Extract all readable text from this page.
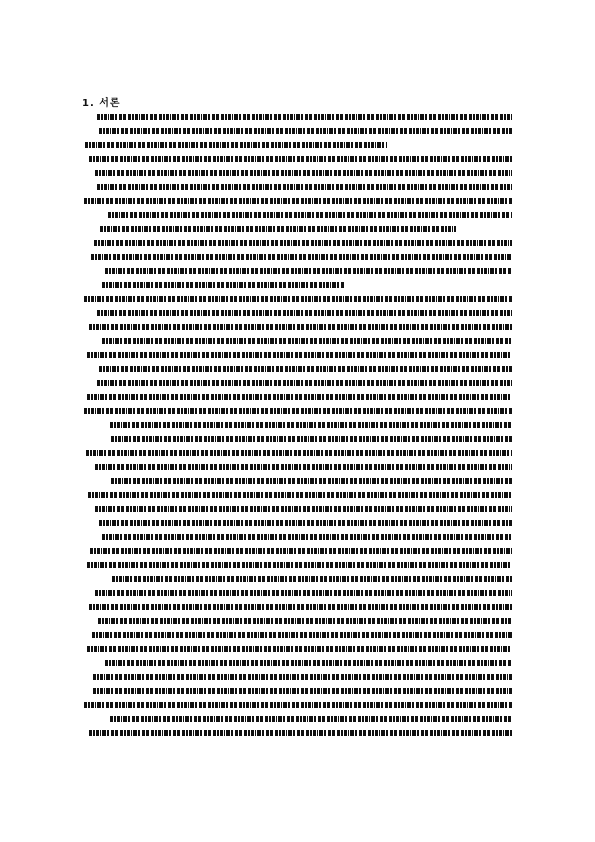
1. 서론
